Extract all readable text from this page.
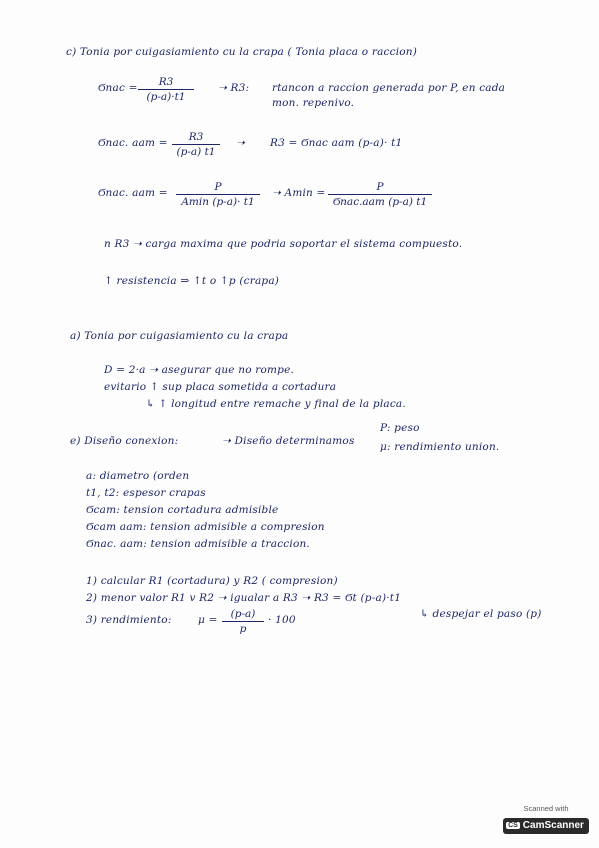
c) Tonia por cuigasiamiento cu la crapa ( Tonia placa o raccion)
Ϭnac =	R3
(p-a)·t1
➝ R3: rtancon a raccion generada por P, en cada
mon. repenivo.
Ϭnac. aam =	R3
(p-a) t1
➝ R3 = Ϭnac aam (p-a)· t1
Ϭnac. aam =	P
Amin (p-a)· t1
➝ Amin =	P
Ϭnac.aam (p-a) t1
n R3 ➝ carga maxima que podria soportar el sistema compuesto.
↑ resistencia ⇒ ↑t o ↑p (crapa)
a) Tonia por cuigasiamiento cu la crapa
D = 2·a ➝ asegurar que no rompe.
evitario ↑ sup placa sometida a cortadura
↳ ↑ longitud entre remache y final de la placa.
e) Diseño conexion:	➝ Diseño determinamos
P: peso
μ: rendimiento union.
a: diametro (orden
t1, t2: espesor crapas
Ϭcam: tension cortadura admisible
Ϭcam aam: tension admisible a compresion
Ϭnac. aam: tension admisible a traccion.
1) calcular R1 (cortadura) y R2 ( compresion)
2) menor valor R1 v R2 ➝ igualar a R3 ➝ R3 = Ϭt (p-a)·t1
3) rendimiento:	μ =	(p-a)
p
· 100	↳ despejar el paso (p)
Scanned with
CS CamScanner
